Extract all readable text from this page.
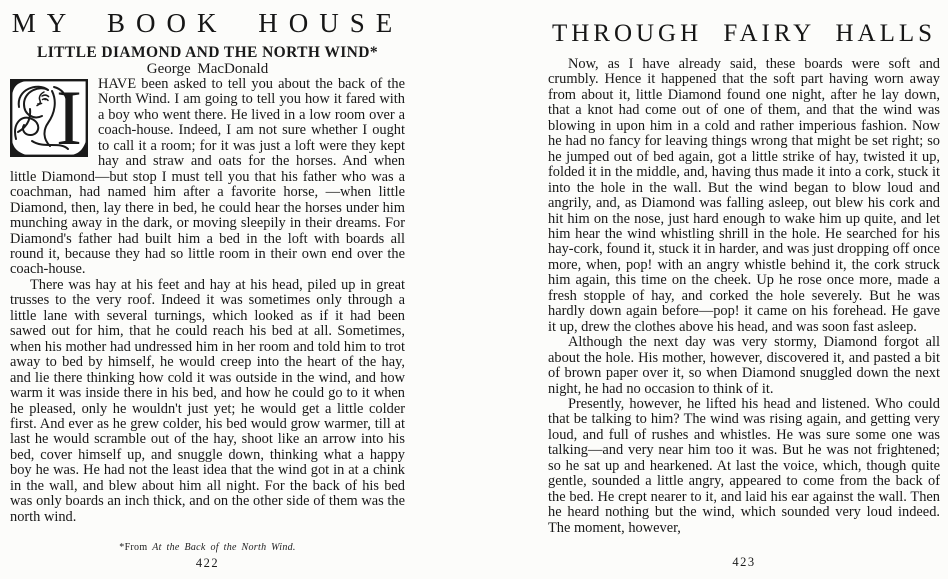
MY BOOK HOUSE
LITTLE DIAMOND AND THE NORTH WIND*
George MacDonald
I	HAVE been asked to tell you about the back of the North Wind. I am going to tell you how it fared with a boy who went there. He lived in a low room over a coach-house. Indeed, I am not sure whether I ought to call it a room; for it was just a loft were they kept hay and straw and oats for the horses. And when little Diamond—but stop I must tell you that his father who was a coachman, had named him after a favorite horse, —when little Diamond, then, lay there in bed, he could hear the horses under him munching away in the dark, or moving sleepily in their dreams. For Diamond's father had built him a bed in the loft with boards all round it, because they had so little room in their own end over the coach-house.

There was hay at his feet and hay at his head, piled up in great trusses to the very roof. Indeed it was sometimes only through a little lane with several turnings, which looked as if it had been sawed out for him, that he could reach his bed at all. Sometimes, when his mother had undressed him in her room and told him to trot away to bed by himself, he would creep into the heart of the hay, and lie there thinking how cold it was outside in the wind, and how warm it was inside there in his bed, and how he could go to it when he pleased, only he wouldn't just yet; he would get a little colder first. And ever as he grew colder, his bed would grow warmer, till at last he would scramble out of the hay, shoot like an arrow into his bed, cover himself up, and snuggle down, thinking what a happy boy he was. He had not the least idea that the wind got in at a chink in the wall, and blew about him all night. For the back of his bed was only boards an inch thick, and on the other side of them was the north wind.

*From At the Back of the North Wind.
422
THROUGH FAIRY HALLS

Now, as I have already said, these boards were soft and crumbly. Hence it happened that the soft part having worn away from about it, little Diamond found one night, after he lay down, that a knot had come out of one of them, and that the wind was blowing in upon him in a cold and rather imperious fashion. Now he had no fancy for leaving things wrong that might be set right; so he jumped out of bed again, got a little strike of hay, twisted it up, folded it in the middle, and, having thus made it into a cork, stuck it into the hole in the wall. But the wind began to blow loud and angrily, and, as Diamond was falling asleep, out blew his cork and hit him on the nose, just hard enough to wake him up quite, and let him hear the wind whistling shrill in the hole. He searched for his hay-cork, found it, stuck it in harder, and was just dropping off once more, when, pop! with an angry whistle behind it, the cork struck him again, this time on the cheek. Up he rose once more, made a fresh stopple of hay, and corked the hole severely. But he was hardly down again before—pop! it came on his forehead. He gave it up, drew the clothes above his head, and was soon fast asleep.

Although the next day was very stormy, Diamond forgot all about the hole. His mother, however, discovered it, and pasted a bit of brown paper over it, so when Diamond snuggled down the next night, he had no occasion to think of it.

Presently, however, he lifted his head and listened. Who could that be talking to him? The wind was rising again, and getting very loud, and full of rushes and whistles. He was sure some one was talking—and very near him too it was. But he was not frightened; so he sat up and hearkened. At last the voice, which, though quite gentle, sounded a little angry, appeared to come from the back of the bed. He crept nearer to it, and laid his ear against the wall. Then he heard nothing but the wind, which sounded very loud indeed. The moment, however,

423
